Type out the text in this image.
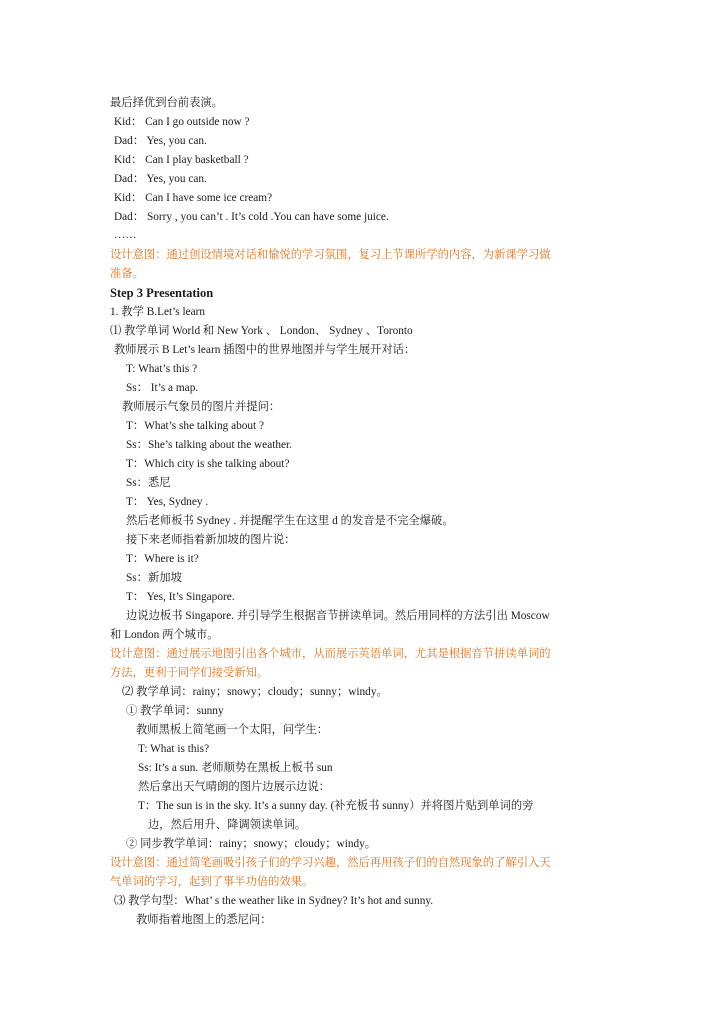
最后择优到台前表演。
Kid： Can I go outside now ?
Dad： Yes, you can.
Kid： Can I play basketball ?
Dad： Yes, you can.
Kid： Can I have some ice cream?
Dad： Sorry , you can’t . It’s cold .You can have some juice.
……
设计意图：通过创设情境对话和愉悦的学习氛围，复习上节课所学的内容，为新课学习做
准备。
Step 3 Presentation
1. 教学 B.Let’s learn
⑴ 教学单词 World 和 New York 、 London、 Sydney 、Toronto
教师展示 B Let’s learn 插图中的世界地图并与学生展开对话：
T: What’s this ?
Ss： It’s a map.
教师展示气象员的图片并提问：
T：What’s she talking about ?
Ss：She’s talking about the weather.
T：Which city is she talking about?
Ss：悉尼
T： Yes, Sydney .
然后老师板书 Sydney . 并提醒学生在这里 d 的发音是不完全爆破。
接下来老师指着新加坡的图片说：
T：Where is it?
Ss：新加坡
T： Yes, It’s Singapore.
边说边板书 Singapore. 并引导学生根据音节拼读单词。然后用同样的方法引出 Moscow
和 London 两个城市。
设计意图：通过展示地图引出各个城市，从而展示英语单词，尤其是根据音节拼读单词的
方法，更利于同学们接受新知。
⑵ 教学单词：rainy；snowy；cloudy；sunny；windy。
① 教学单词：sunny
教师黑板上简笔画一个太阳，问学生：
T: What is this?
Ss: It’s a sun. 老师顺势在黑板上板书 sun
然后拿出天气晴朗的图片边展示边说：
T：The sun is in the sky. It’s a sunny day. (补充板书 sunny）并将图片贴到单词的旁
边，然后用升、降调领读单词。
② 同步教学单词：rainy；snowy；cloudy；windy。
设计意图：通过简笔画吸引孩子们的学习兴趣，然后再用孩子们的自然现象的了解引入天
气单词的学习，起到了事半功倍的效果。
⑶ 教学句型：What’ s the weather like in Sydney? It’s hot and sunny.
教师指着地图上的悉尼问：
